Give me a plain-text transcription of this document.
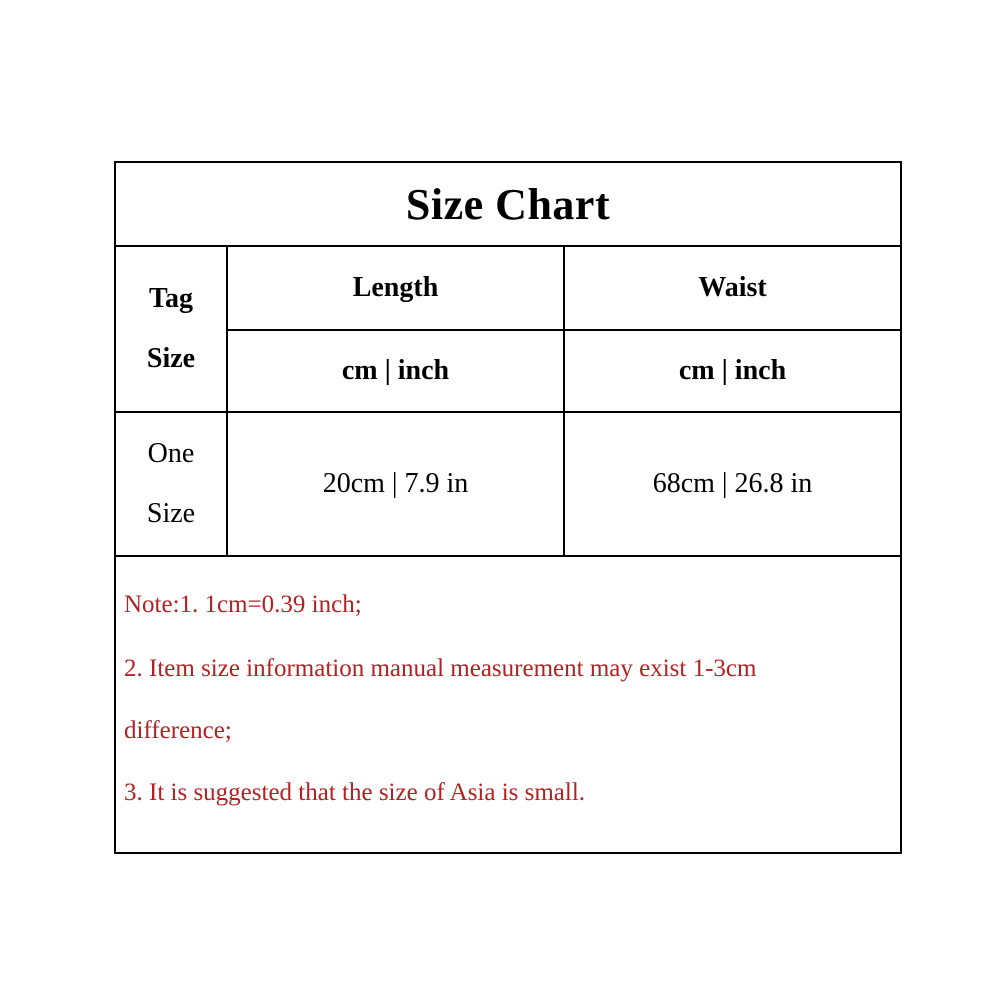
Size Chart		

Tag
Size	Length	Waist
	cm | inch	cm | inch

One
Size	20cm | 7.9 in	68cm | 26.8 in

Note:1. 1cm=0.39 inch;
2. Item size information manual measurement may exist 1-3cm
difference;
3. It is suggested that the size of Asia is small.		
